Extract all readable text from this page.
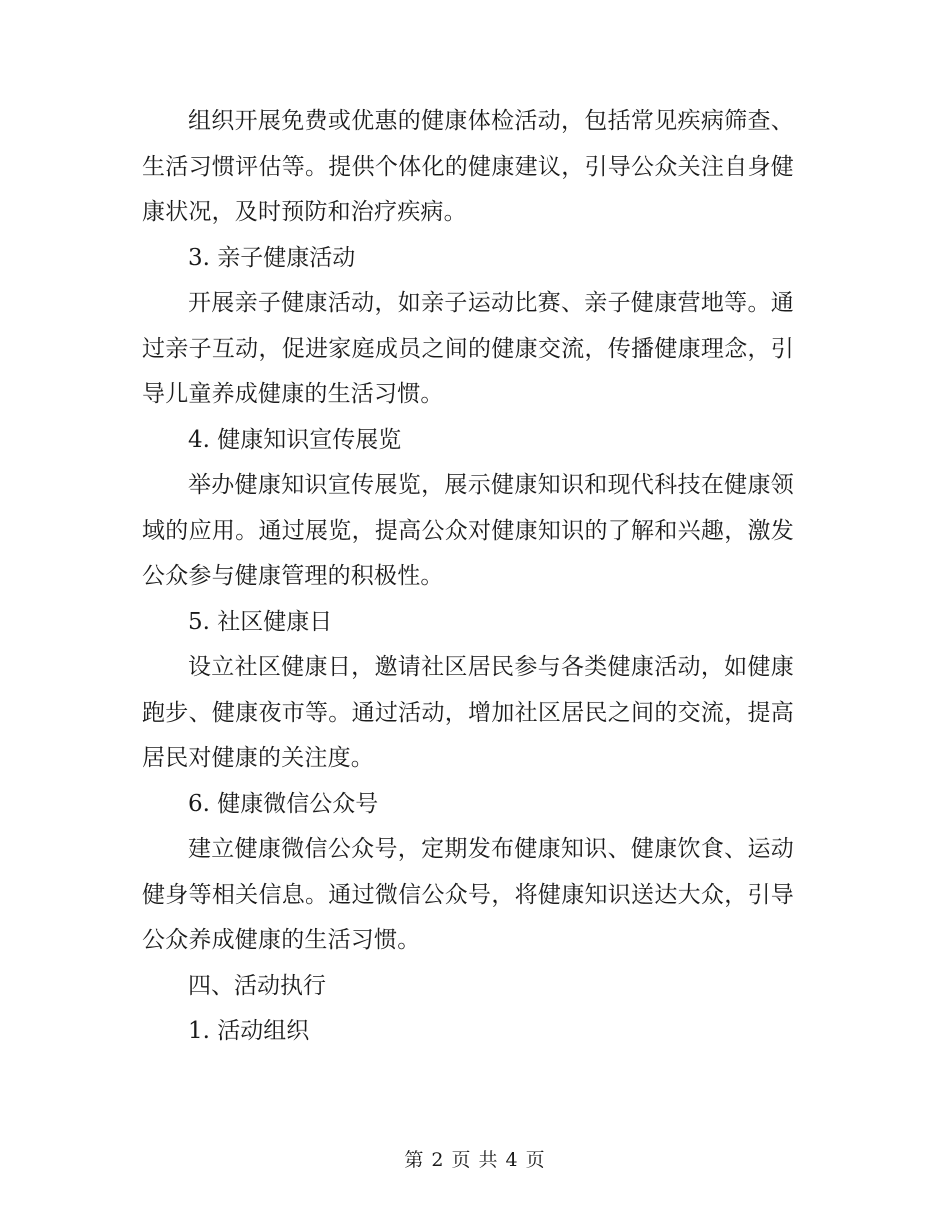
组织开展免费或优惠的健康体检活动，包括常见疾病筛查、生活习惯评估等。提供个体化的健康建议，引导公众关注自身健康状况，及时预防和治疗疾病。

3. 亲子健康活动

开展亲子健康活动，如亲子运动比赛、亲子健康营地等。通过亲子互动，促进家庭成员之间的健康交流，传播健康理念，引导儿童养成健康的生活习惯。

4. 健康知识宣传展览

举办健康知识宣传展览，展示健康知识和现代科技在健康领域的应用。通过展览，提高公众对健康知识的了解和兴趣，激发公众参与健康管理的积极性。

5. 社区健康日

设立社区健康日，邀请社区居民参与各类健康活动，如健康跑步、健康夜市等。通过活动，增加社区居民之间的交流，提高居民对健康的关注度。

6. 健康微信公众号

建立健康微信公众号，定期发布健康知识、健康饮食、运动健身等相关信息。通过微信公众号，将健康知识送达大众，引导公众养成健康的生活习惯。

四、活动执行

1. 活动组织

第 2 页 共 4 页
